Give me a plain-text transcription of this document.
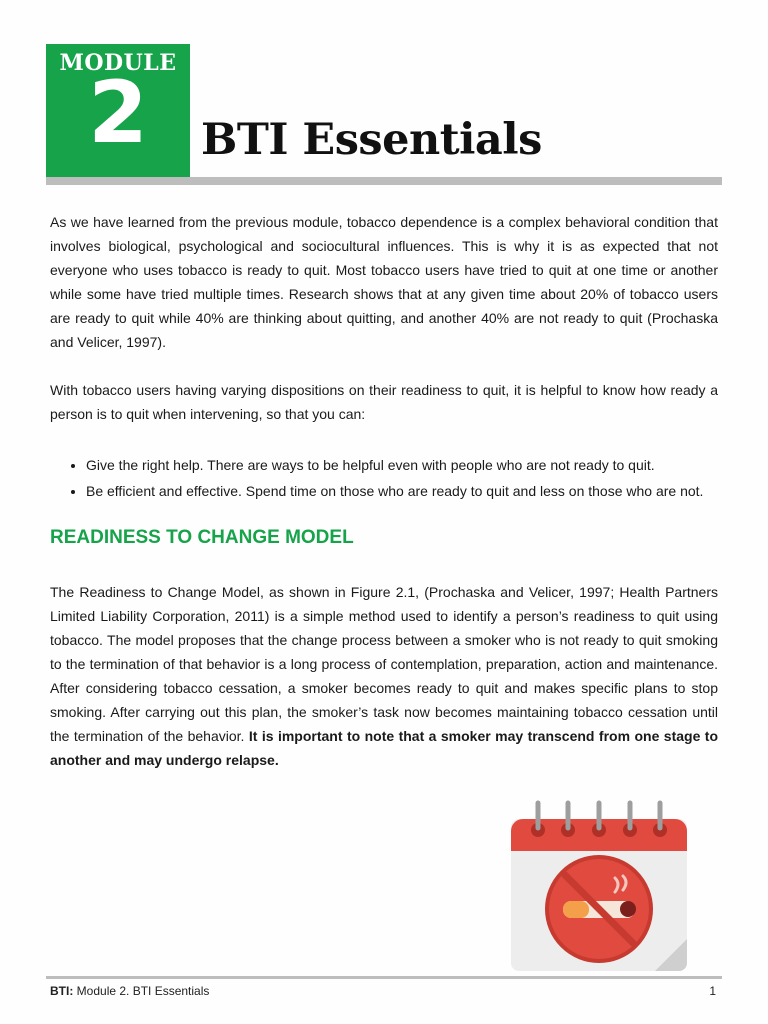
MODULE
2	BTI Essentials

As we have learned from the previous module, tobacco dependence is a complex behavioral condition that involves biological, psychological and sociocultural influences. This is why it is as expected that not everyone who uses tobacco is ready to quit. Most tobacco users have tried to quit at one time or another while some have tried multiple times. Research shows that at any given time about 20% of tobacco users are ready to quit while 40% are thinking about quitting, and another 40% are not ready to quit (Prochaska and Velicer, 1997).

With tobacco users having varying dispositions on their readiness to quit, it is helpful to know how ready a person is to quit when intervening, so that you can:

• Give the right help. There are ways to be helpful even with people who are not ready to quit.
• Be efficient and effective. Spend time on those who are ready to quit and less on those who are not.
READINESS TO CHANGE MODEL

The Readiness to Change Model, as shown in Figure 2.1, (Prochaska and Velicer, 1997; Health Partners Limited Liability Corporation, 2011) is a simple method used to identify a person’s readiness to quit using tobacco. The model proposes that the change process between a smoker who is not ready to quit smoking to the termination of that behavior is a long process of contemplation, preparation, action and maintenance. After considering tobacco cessation, a smoker becomes ready to quit and makes specific plans to stop smoking. After carrying out this plan, the smoker’s task now becomes maintaining tobacco cessation until the termination of the behavior. It is important to note that a smoker may transcend from one stage to another and may undergo relapse.

BTI: Module 2. BTI Essentials	1
